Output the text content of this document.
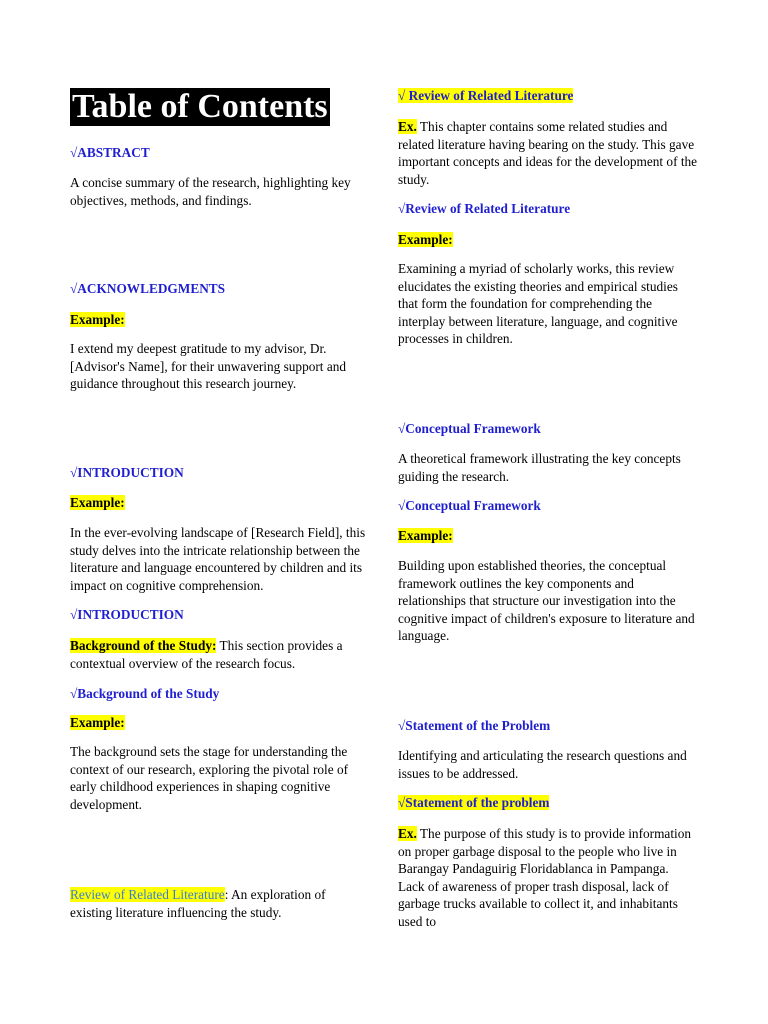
Table of Contents

√ABSTRACT

A concise summary of the research, highlighting key objectives, methods, and findings.

√ACKNOWLEDGMENTS

Example:

I extend my deepest gratitude to my advisor, Dr. [Advisor's Name], for their unwavering support and guidance throughout this research journey.

√INTRODUCTION

Example:

In the ever-evolving landscape of [Research Field], this study delves into the intricate relationship between the literature and language encountered by children and its impact on cognitive comprehension.

√INTRODUCTION

Background of the Study: This section provides a contextual overview of the research focus.

√Background of the Study

Example:

The background sets the stage for understanding the context of our research, exploring the pivotal role of early childhood experiences in shaping cognitive development.

Review of Related Literature: An exploration of existing literature influencing the study.

√ Review of Related Literature

Ex. This chapter contains some related studies and related literature having bearing on the study. This gave important concepts and ideas for the development of the study.

√Review of Related Literature

Example:

Examining a myriad of scholarly works, this review elucidates the existing theories and empirical studies that form the foundation for comprehending the interplay between literature, language, and cognitive processes in children.

√Conceptual Framework

A theoretical framework illustrating the key concepts guiding the research.

√Conceptual Framework

Example:

Building upon established theories, the conceptual framework outlines the key components and relationships that structure our investigation into the cognitive impact of children's exposure to literature and language.

√Statement of the Problem

Identifying and articulating the research questions and issues to be addressed.

√Statement of the problem

Ex. The purpose of this study is to provide information on proper garbage disposal to the people who live in Barangay Pandaguirig Floridablanca in Pampanga. Lack of awareness of proper trash disposal, lack of garbage trucks available to collect it, and inhabitants used to
